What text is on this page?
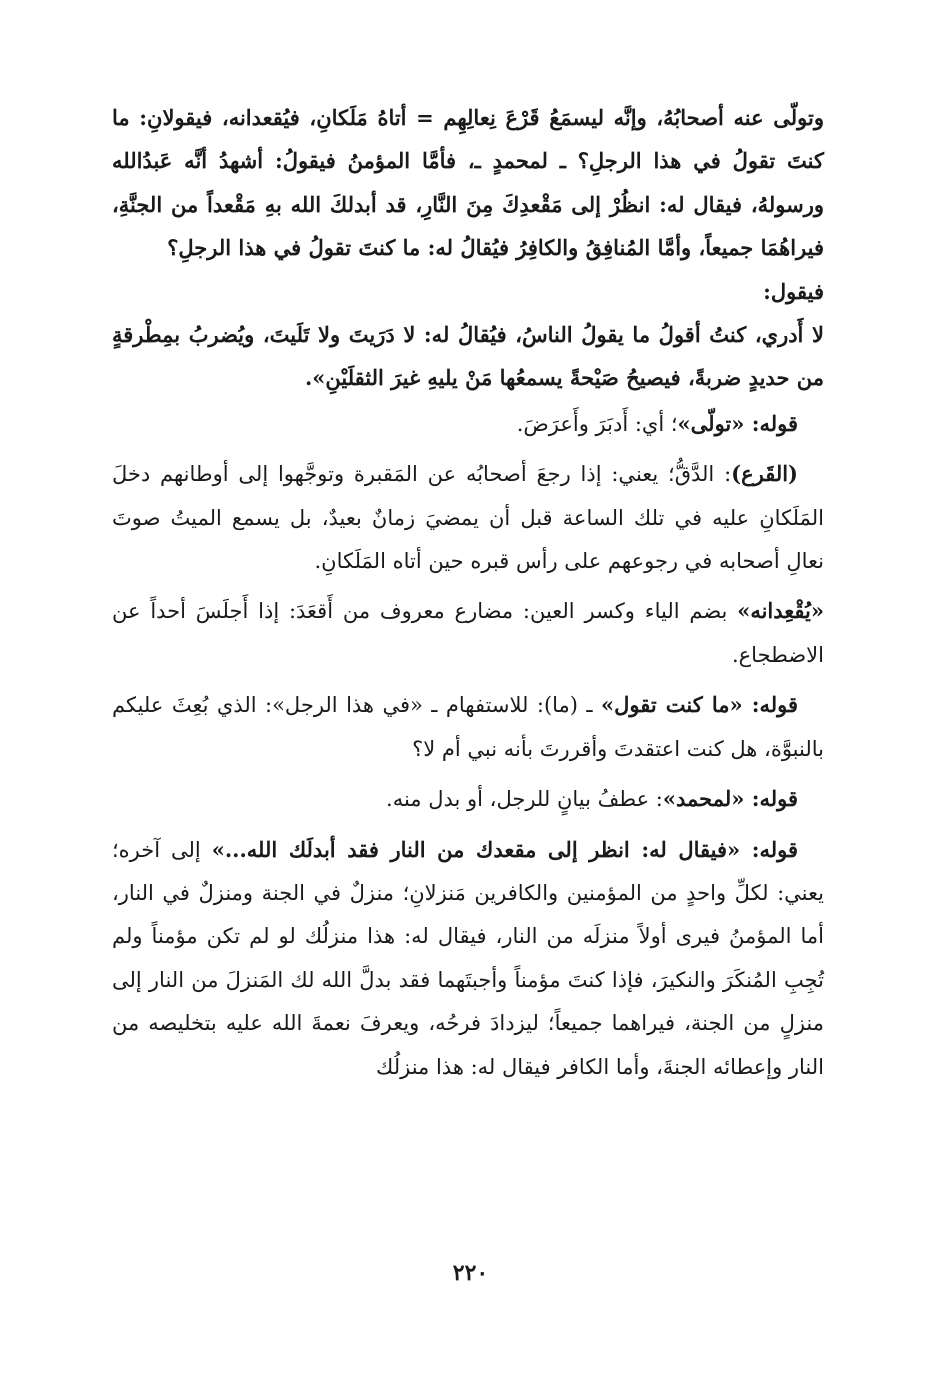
وتولّى عنه أصحابُهُ، وإنَّه ليسمَعُ قَرْعَ نِعالِهِم = أتاهُ مَلَكانِ، فيُقعدانه، فيقولانِ: ما كنتَ تقولُ في هذا الرجلِ؟ ـ لمحمدٍ ـ، فأمَّا المؤمنُ فيقولُ: أشهدُ أنَّه عَبدُالله ورسولهُ، فيقال له: انظُرْ إلى مَقْعدِكَ مِنَ النَّارِ، قد أبدلكَ الله بهِ مَقْعداً من الجنَّةِ، فيراهُمَا جميعاً، وأمَّا المُنافِقُ والكافِرُ فيُقالُ له: ما كنتَ تقولُ في هذا الرجلِ؟

فيقول:

لا أَدري، كنتُ أقولُ ما يقولُ الناسُ، فيُقالُ له: لا دَرَيتَ ولا تَلَيتَ، ويُضربُ بمِطْرقةٍ من حديدٍ ضربةً، فيصيحُ صَيْحةً يسمعُها مَنْ يليهِ غيرَ الثقلَيْنِ».

قوله: «تولّى»؛ أي: أَدبَرَ وأَعرَضَ.

(القَرع): الدَّقُّ؛ يعني: إذا رجعَ أصحابُه عن المَقبرة وتوجَّهوا إلى أوطانهم دخلَ المَلَكانِ عليه في تلك الساعة قبل أن يمضيَ زمانٌ بعيدٌ، بل يسمع الميتُ صوتَ نعالِ أصحابه في رجوعهم على رأس قبره حين أتاه المَلَكانِ.

«يُقْعِدانه» بضم الياء وكسر العين: مضارع معروف من أَقعَدَ: إذا أَجلَسَ أحداً عن الاضطجاع.

قوله: «ما كنت تقول» ـ (ما): للاستفهام ـ «في هذا الرجل»: الذي بُعِثَ عليكم بالنبوَّة، هل كنت اعتقدتَ وأقررتَ بأنه نبي أم لا؟

قوله: «لمحمد»: عطفُ بيانٍ للرجل، أو بدل منه.

قوله: «فيقال له: انظر إلى مقعدك من النار فقد أبدلَك الله...» إلى آخره؛ يعني: لكلِّ واحدٍ من المؤمنين والكافرين مَنزلانِ؛ منزلٌ في الجنة ومنزلٌ في النار، أما المؤمنُ فيرى أولاً منزلَه من النار، فيقال له: هذا منزلُك لو لم تكن مؤمناً ولم تُجِبِ المُنكَرَ والنكيرَ، فإذا كنتَ مؤمناً وأجبتَهما فقد بدلَّ الله لك المَنزلَ من النار إلى منزلٍ من الجنة، فيراهما جميعاً؛ ليزدادَ فرحُه، ويعرفَ نعمةَ الله عليه بتخليصه من النار وإعطائه الجنةَ، وأما الكافر فيقال له: هذا منزلُك

٢٢٠
